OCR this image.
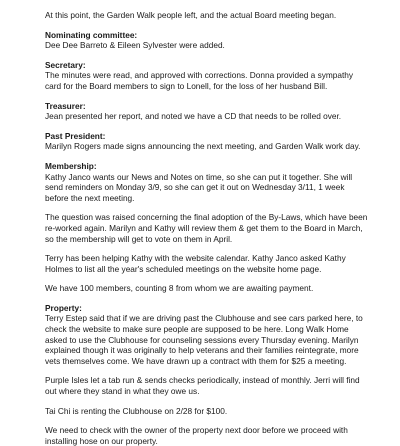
At this point, the Garden Walk people left, and the actual Board meeting began.

Nominating committee:

Dee Dee Barreto & Eileen Sylvester were added.

Secretary:

The minutes were read, and approved with corrections. Donna provided a sympathy
card for the Board members to sign to Lonell, for the loss of her husband Bill.

Treasurer:

Jean presented her report, and noted we have a CD that needs to be rolled over.

Past President:

Marilyn Rogers made signs announcing the next meeting, and Garden Walk work day.

Membership:

Kathy Janco wants our News and Notes on time, so she can put it together. She will
send reminders on Monday 3/9, so she can get it out on Wednesday 3/11, 1 week
before the next meeting.

The question was raised concerning the final adoption of the By-Laws, which have been
re-worked again. Marilyn and Kathy will review them & get them to the Board in March,
so the membership will get to vote on them in April.

Terry has been helping Kathy with the website calendar. Kathy Janco asked Kathy
Holmes to list all the year's scheduled meetings on the website home page.

We have 100 members, counting 8 from whom we are awaiting payment.

Property:

Terry Estep said that if we are driving past the Clubhouse and see cars parked here, to
check the website to make sure people are supposed to be here. Long Walk Home
asked to use the Clubhouse for counseling sessions every Thursday evening. Marilyn
explained though it was originally to help veterans and their families reintegrate, more
vets themselves come. We have drawn up a contract with them for $25 a meeting.

Purple Isles let a tab run & sends checks periodically, instead of monthly. Jerri will find
out where they stand in what they owe us.

Tai Chi is renting the Clubhouse on 2/28 for $100.

We need to check with the owner of the property next door before we proceed with
installing hose on our property.
